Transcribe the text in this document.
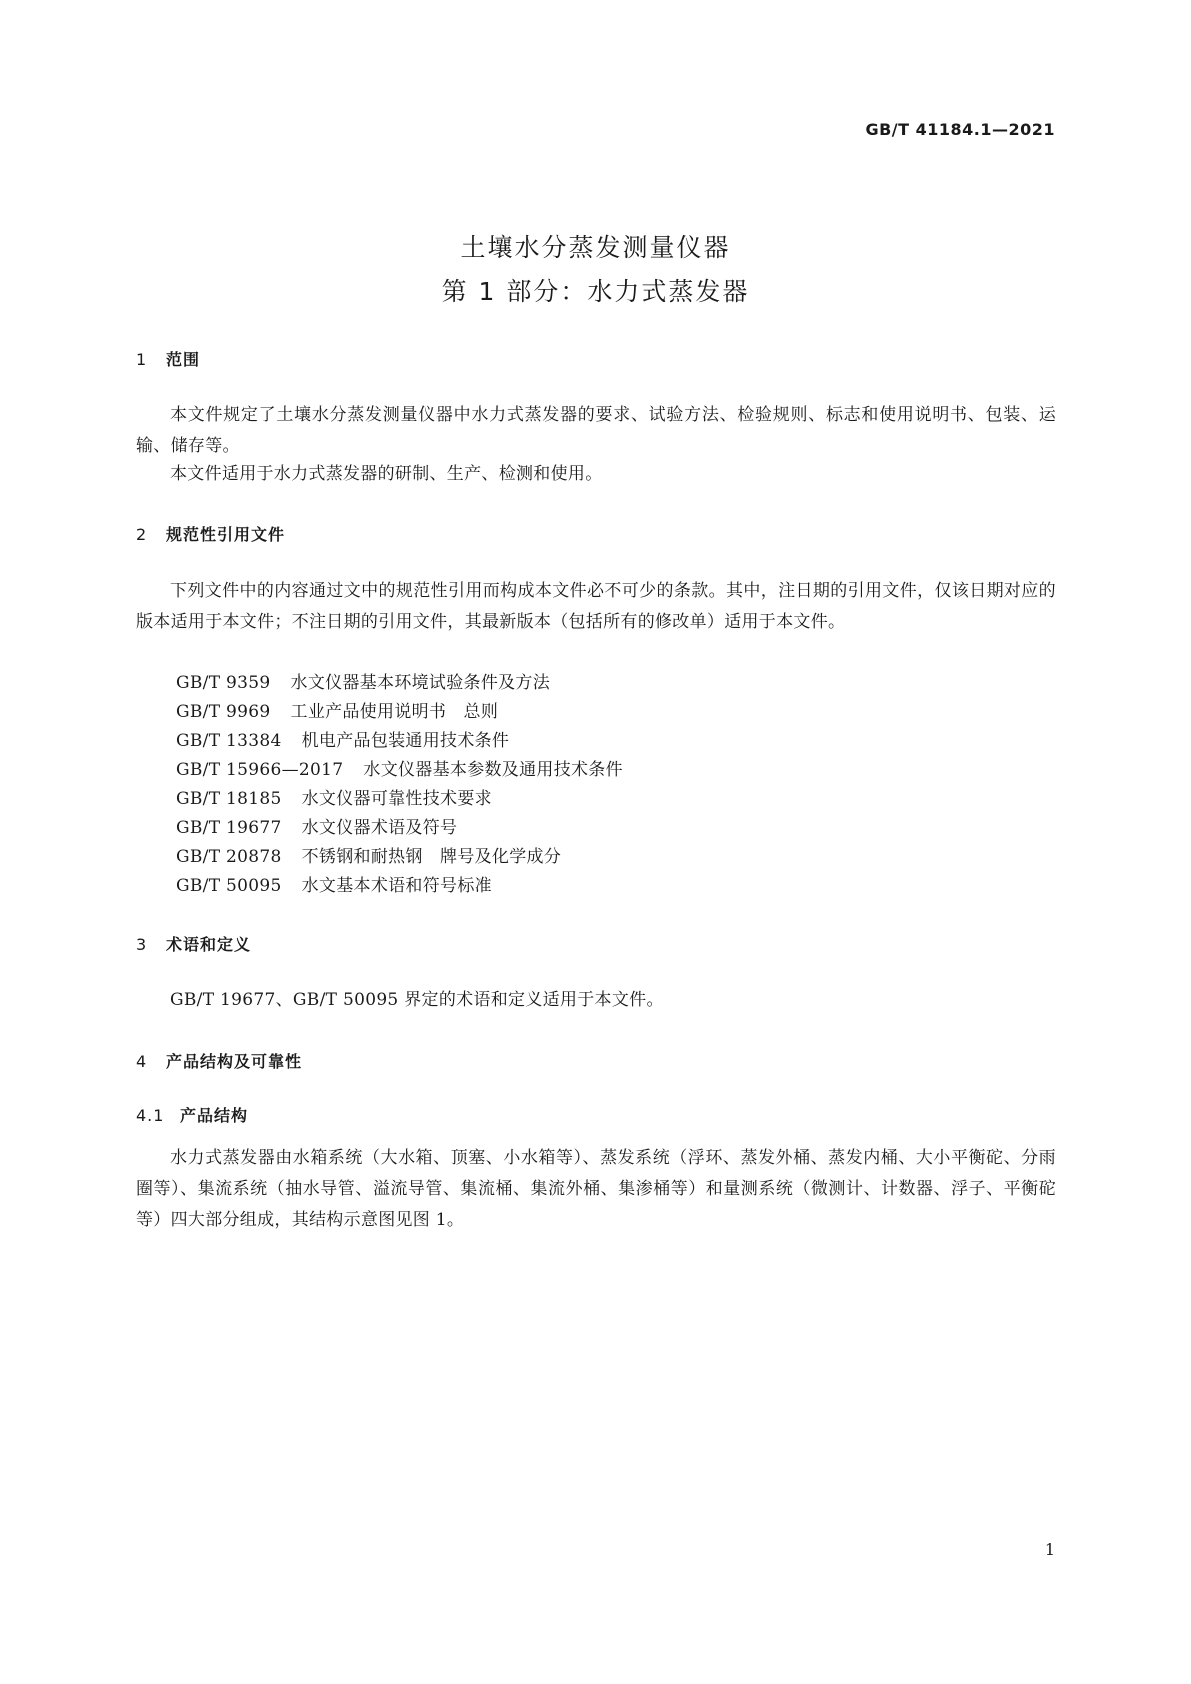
GB/T 41184.1—2021
土壤水分蒸发测量仪器
第 1 部分：水力式蒸发器
1 范围
本文件规定了土壤水分蒸发测量仪器中水力式蒸发器的要求、试验方法、检验规则、标志和使用说明书、包装、运输、储存等。
本文件适用于水力式蒸发器的研制、生产、检测和使用。
2 规范性引用文件
下列文件中的内容通过文中的规范性引用而构成本文件必不可少的条款。其中，注日期的引用文件，仅该日期对应的版本适用于本文件；不注日期的引用文件，其最新版本（包括所有的修改单）适用于本文件。
GB/T 9359 水文仪器基本环境试验条件及方法
GB/T 9969 工业产品使用说明书　总则
GB/T 13384 机电产品包装通用技术条件
GB/T 15966—2017 水文仪器基本参数及通用技术条件
GB/T 18185 水文仪器可靠性技术要求
GB/T 19677 水文仪器术语及符号
GB/T 20878 不锈钢和耐热钢　牌号及化学成分
GB/T 50095 水文基本术语和符号标准
3 术语和定义
GB/T 19677、GB/T 50095 界定的术语和定义适用于本文件。
4 产品结构及可靠性
4.1 产品结构
水力式蒸发器由水箱系统（大水箱、顶塞、小水箱等）、蒸发系统（浮环、蒸发外桶、蒸发内桶、大小平衡砣、分雨圈等）、集流系统（抽水导管、溢流导管、集流桶、集流外桶、集渗桶等）和量测系统（微测计、计数器、浮子、平衡砣等）四大部分组成，其结构示意图见图 1。
1
